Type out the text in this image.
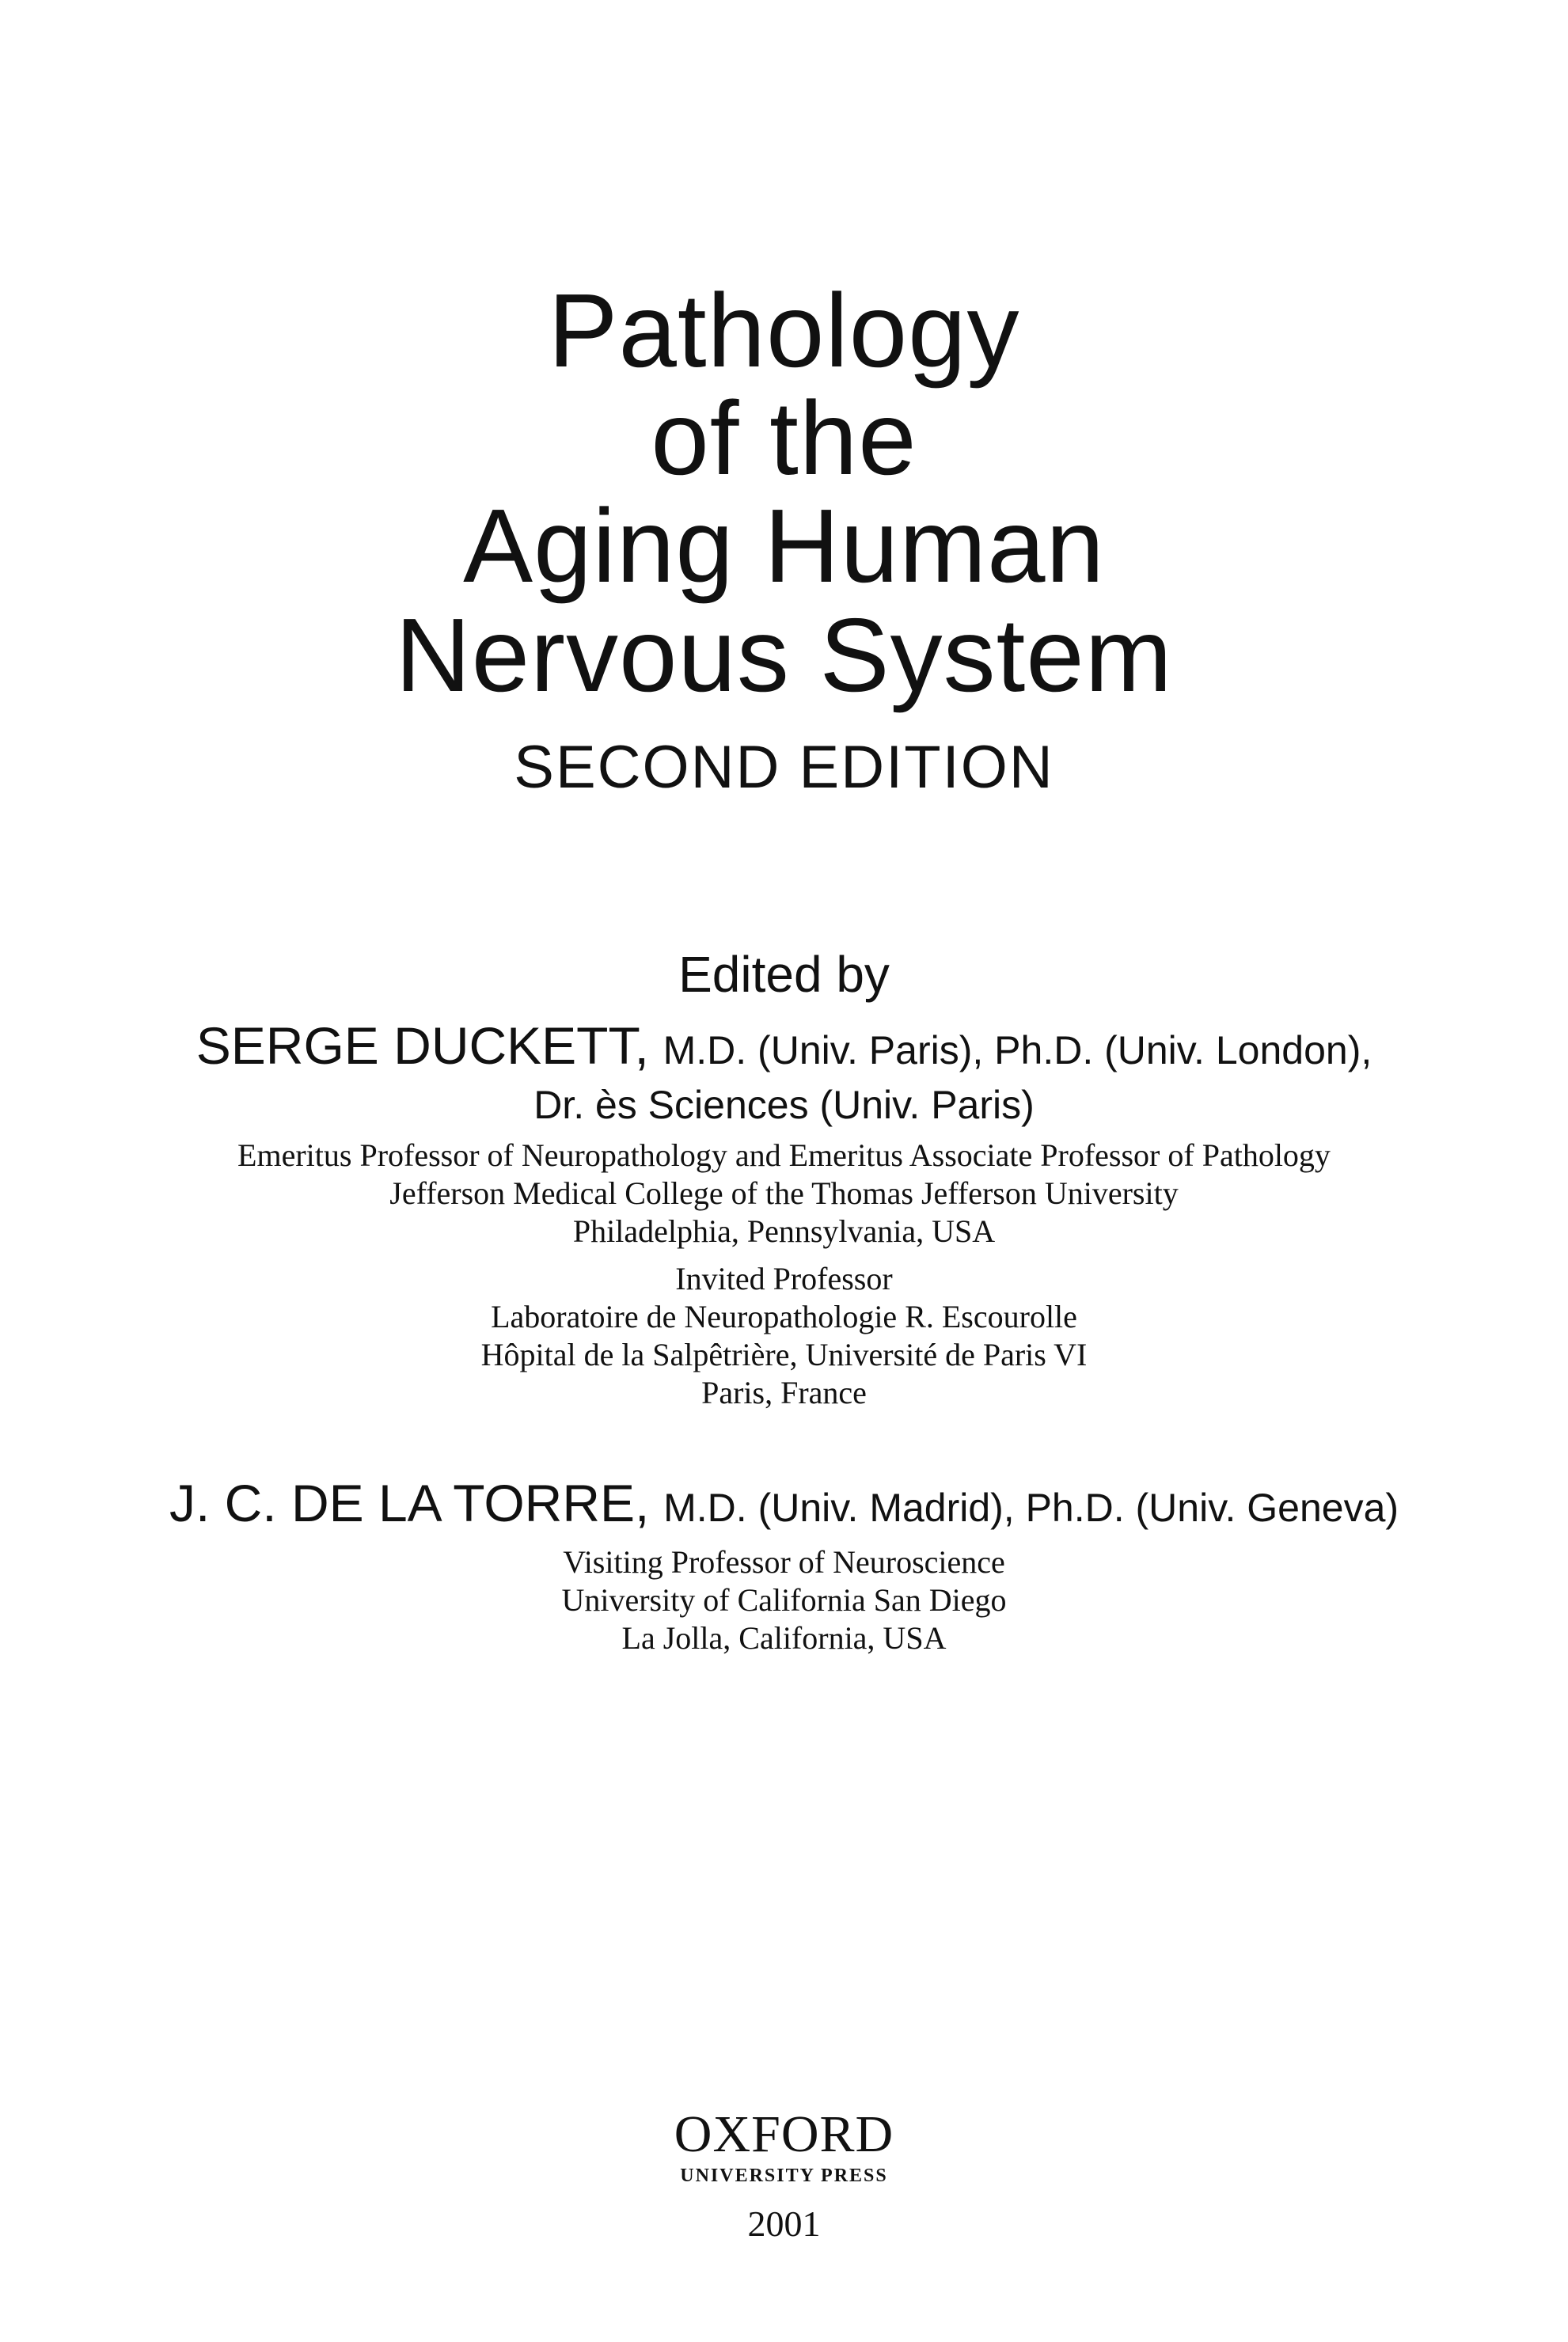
Pathology
of the
Aging Human
Nervous System
SECOND EDITION
Edited by
SERGE DUCKETT, M.D. (Univ. Paris), Ph.D. (Univ. London),
Dr. ès Sciences (Univ. Paris)
Emeritus Professor of Neuropathology and Emeritus Associate Professor of Pathology
Jefferson Medical College of the Thomas Jefferson University
Philadelphia, Pennsylvania, USA
Invited Professor
Laboratoire de Neuropathologie R. Escourolle
Hôpital de la Salpêtrière, Université de Paris VI
Paris, France
J. C. DE LA TORRE, M.D. (Univ. Madrid), Ph.D. (Univ. Geneva)
Visiting Professor of Neuroscience
University of California San Diego
La Jolla, California, USA
OXFORD
UNIVERSITY PRESS
2001
